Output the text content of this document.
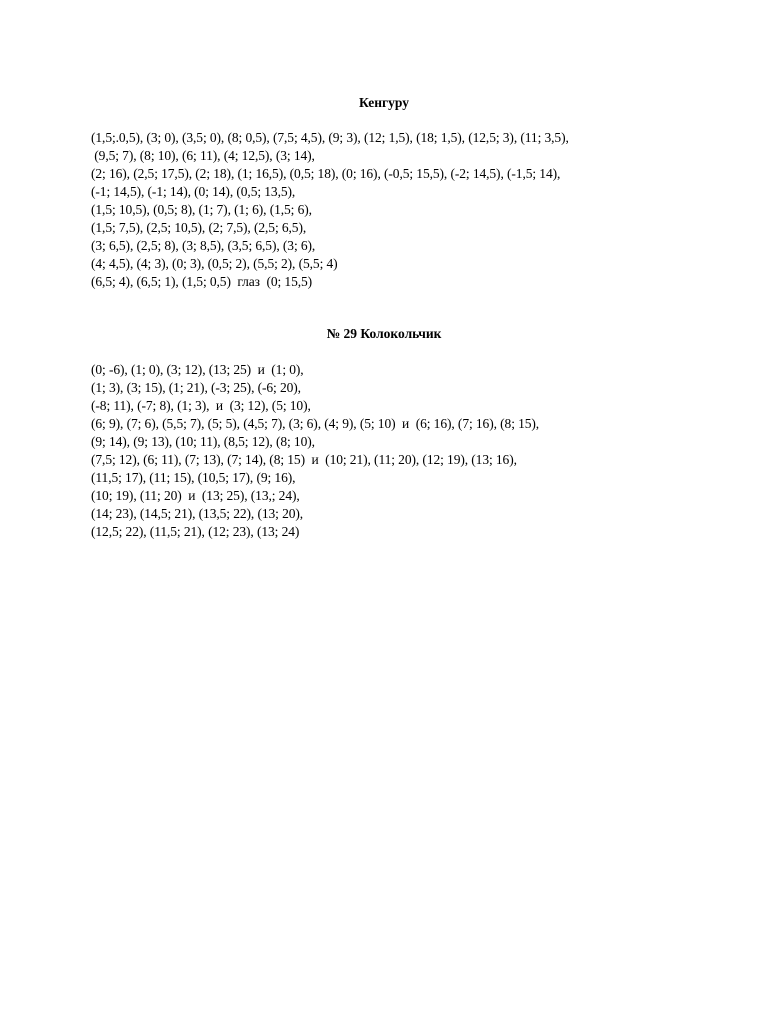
Кенгуру
(1,5;.0,5), (3; 0), (3,5; 0), (8; 0,5), (7,5; 4,5), (9; 3), (12; 1,5), (18; 1,5), (12,5; 3), (11; 3,5),
(9,5; 7), (8; 10), (6; 11), (4; 12,5), (3; 14),
(2; 16), (2,5; 17,5), (2; 18), (1; 16,5), (0,5; 18), (0; 16), (-0,5; 15,5), (-2; 14,5), (-1,5; 14),
(-1; 14,5), (-1; 14), (0; 14), (0,5; 13,5),
(1,5; 10,5), (0,5; 8), (1; 7), (1; 6), (1,5; 6),
(1,5; 7,5), (2,5; 10,5), (2; 7,5), (2,5; 6,5),
(3; 6,5), (2,5; 8), (3; 8,5), (3,5; 6,5), (3; 6),
(4; 4,5), (4; 3), (0; 3), (0,5; 2), (5,5; 2), (5,5; 4)
(6,5; 4), (6,5; 1), (1,5; 0,5)  глаз  (0; 15,5)
№ 29 Колокольчик
(0; -6), (1; 0), (3; 12), (13; 25)  и  (1; 0),
(1; 3), (3; 15), (1; 21), (-3; 25), (-6; 20),
(-8; 11), (-7; 8), (1; 3),  и  (3; 12), (5; 10),
(6; 9), (7; 6), (5,5; 7), (5; 5), (4,5; 7), (3; 6), (4; 9), (5; 10)  и  (6; 16), (7; 16), (8; 15),
(9; 14), (9; 13), (10; 11), (8,5; 12), (8; 10),
(7,5; 12), (6; 11), (7; 13), (7; 14), (8; 15)  и  (10; 21), (11; 20), (12; 19), (13; 16),
(11,5; 17), (11; 15), (10,5; 17), (9; 16),
(10; 19), (11; 20)  и  (13; 25), (13,; 24),
(14; 23), (14,5; 21), (13,5; 22), (13; 20),
(12,5; 22), (11,5; 21), (12; 23), (13; 24)
